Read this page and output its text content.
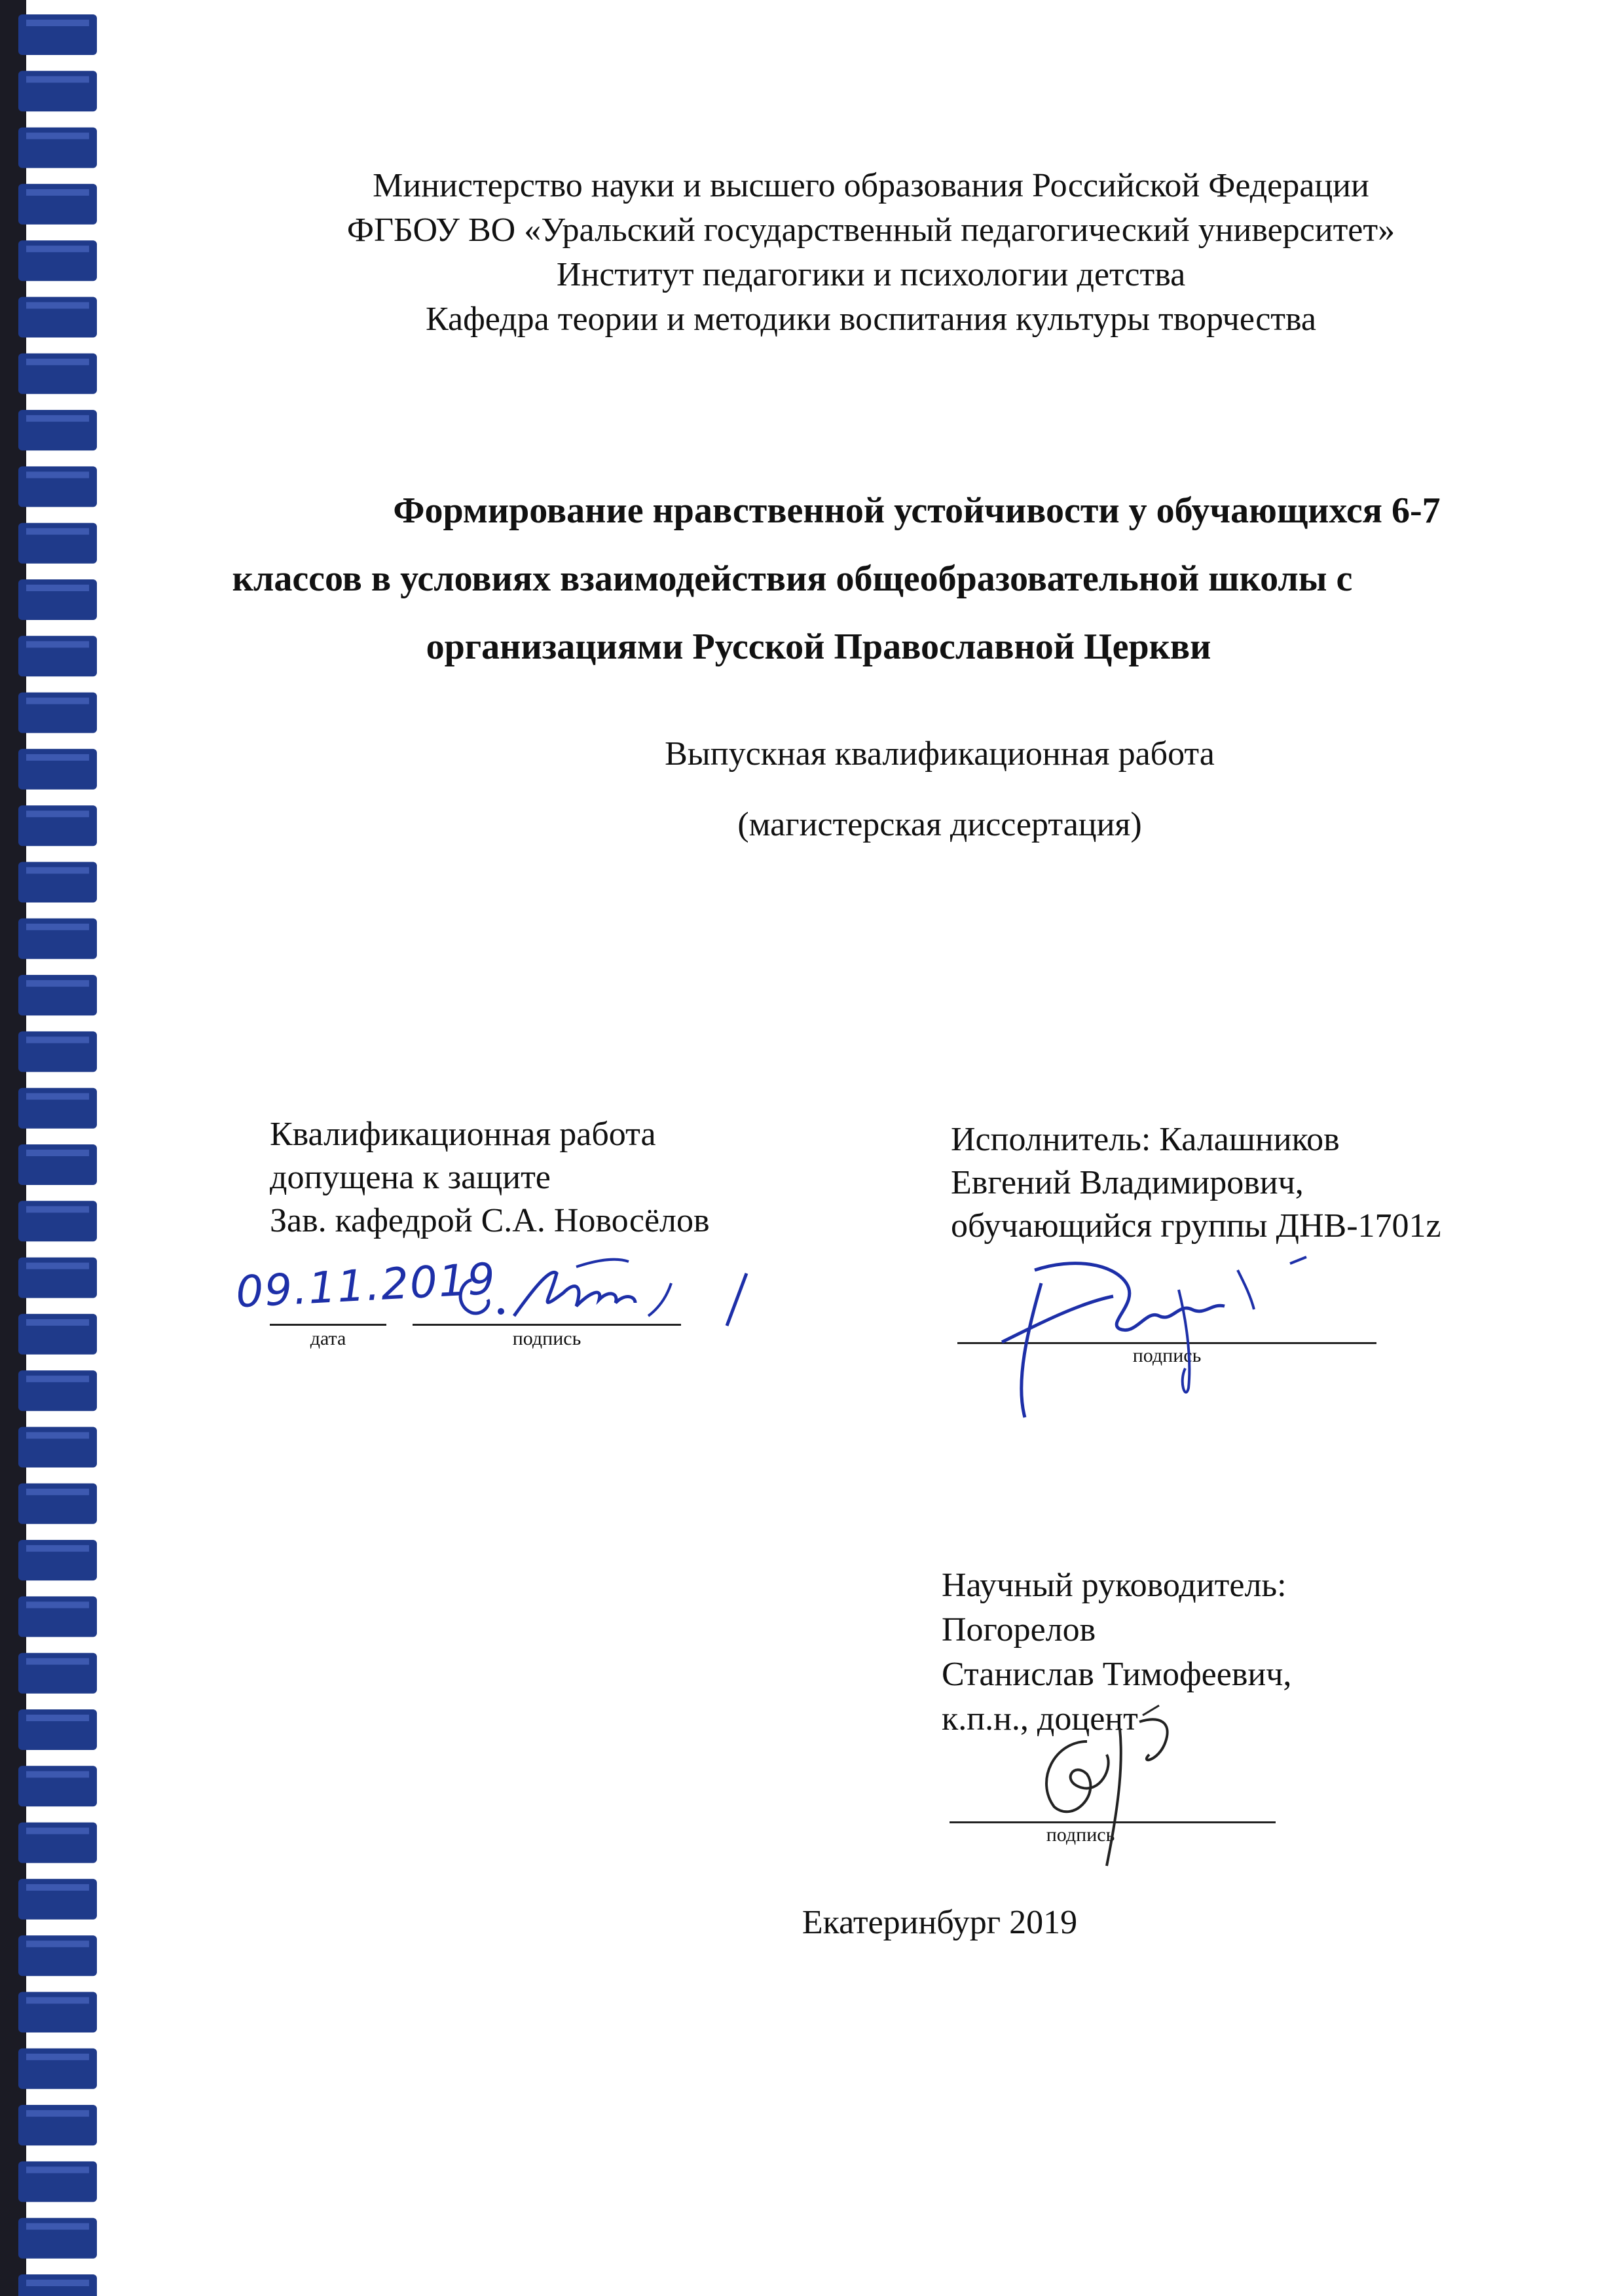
Министерство науки и высшего образования Российской Федерации
ФГБОУ ВО «Уральский государственный педагогический университет»
Институт педагогики и психологии детства
Кафедра теории и методики воспитания культуры творчества
Формирование нравственной устойчивости у обучающихся 6-7
классов в условиях взаимодействия общеобразовательной школы с
организациями Русской Православной Церкви
Выпускная квалификационная работа
(магистерская диссертация)
Квалификационная работа
допущена к защите
Зав. кафедрой С.А. Новосёлов
09.11.2019
дата	подпись
Исполнитель: Калашников
Евгений Владимирович,
обучающийся группы ДНВ-1701z
подпись
Научный руководитель:
Погорелов
Станислав Тимофеевич,
к.п.н., доцент
подпись
Екатеринбург 2019
